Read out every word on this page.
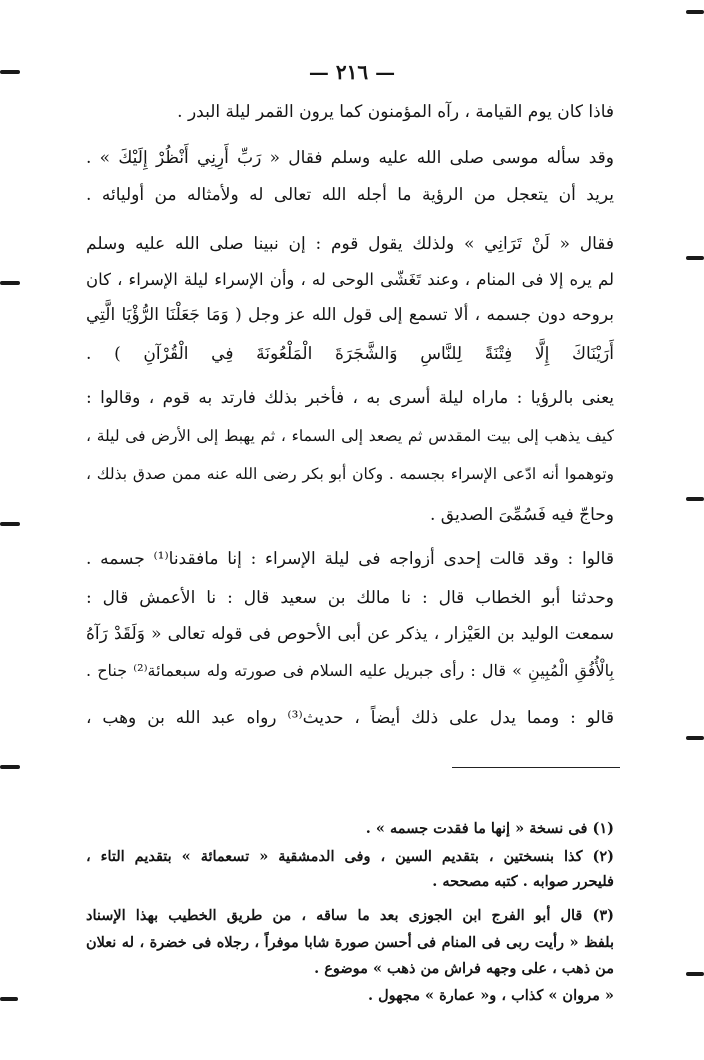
— ٢١٦ —
فاذا كان يوم القيامة ، رآه المؤمنون كما يرون القمر ليلة البدر .
وقد سأله موسى صلى الله عليه وسلم فقال « رَبِّ أَرِنِي أَنْظُرْ إِلَيْكَ » .
يريد أن يتعجل من الرؤية ما أجله الله تعالى له ولأمثاله من أوليائه .
فقال « لَنْ تَرَانِي » ولذلك يقول قوم : إن نبينا صلى الله عليه وسلم
لم يره إلا فى المنام ، وعند تَغَشّى الوحى له ، وأن الإسراء ليلة الإسراء ، كان
بروحه دون جسمه ، ألا تسمع إلى قول الله عز وجل ( وَمَا جَعَلْنَا الرُّؤْيَا الَّتِي
أَرَيْنَاكَ إِلَّا فِتْنَةً لِلنَّاسِ وَالشَّجَرَةَ الْمَلْعُونَةَ فِي الْقُرْآنِ ) .
يعنى بالرؤيا : ماراه ليلة أسرى به ، فأخبر بذلك فارتد به قوم ، وقالوا :
كيف يذهب إلى بيت المقدس ثم يصعد إلى السماء ، ثم يهبط إلى الأرض فى ليلة ،
وتوهموا أنه ادّعى الإسراء بجسمه . وكان أبو بكر رضى الله عنه ممن صدق بذلك ،
وحاجّ فيه فَسُمِّىَ الصديق .
قالوا : وقد قالت إحدى أزواجه فى ليلة الإسراء : إنا مافقدنا⁽¹⁾ جسمه .
وحدثنا أبو الخطاب قال : نا مالك بن سعيد قال : نا الأعمش قال :
سمعت الوليد بن العَيْزار ، يذكر عن أبى الأحوص فى قوله تعالى « وَلَقَدْ رَآهُ
بِالْأُفُقِ الْمُبِينِ » قال : رأى جبريل عليه السلام فى صورته وله سبعمائة⁽²⁾ جناح .
قالو : ومما يدل على ذلك أيضاً ، حديث⁽³⁾ رواه عبد الله بن وهب ،
(١) فى نسخة « إنها ما فقدت جسمه » .
(٢) كذا بنسختين ، بتقديم السين ، وفى الدمشقية « تسعمائة » بتقديم التاء ،
فليحرر صوابه . كتبه مصححه .
(٣) قال أبو الفرج ابن الجوزى بعد ما ساقه ، من طريق الخطيب بهذا الإسناد
بلفظ « رأيت ربى فى المنام فى أحسن صورة شابا موفراً ، رجلاه فى خضرة ، له نعلان
من ذهب ، على وجهه فراش من ذهب » موضوع .
« مروان » كذاب ، و« عمارة » مجهول .
